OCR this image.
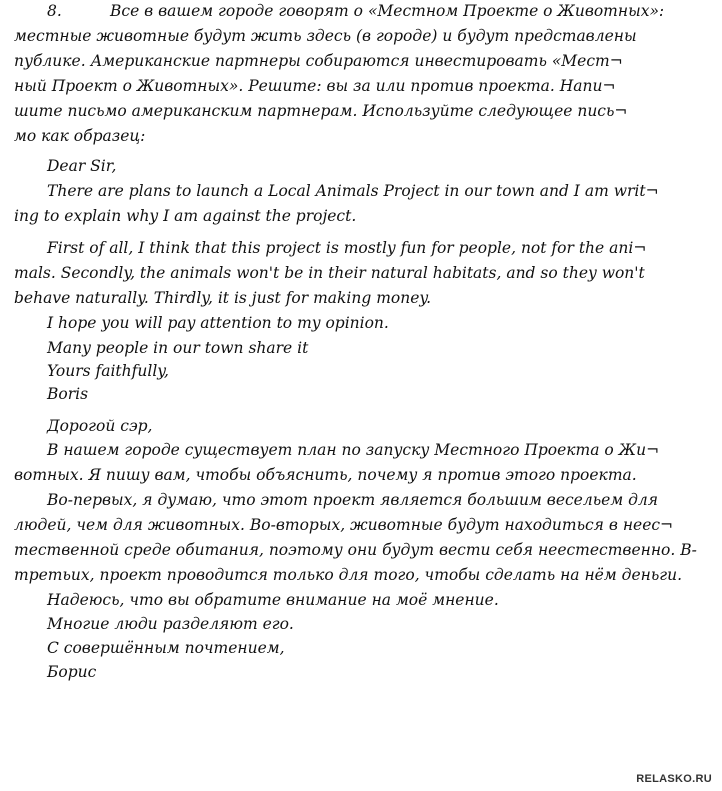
8.	Все в вашем городе говорят о «Местном Проекте о Животных»:
местные животные будут жить здесь (в городе) и будут представлены
публике. Американские партнеры собираются инвестировать «Мест¬
ный Проект о Животных». Решите: вы за или против проекта. Напи¬
шите письмо американским партнерам. Используйте следующее пись¬
мо как образец:
Dear Sir,
There are plans to launch a Local Animals Project in our town and I am writ¬
ing to explain why I am against the project.
First of all, I think that this project is mostly fun for people, not for the ani¬
mals. Secondly, the animals won't be in their natural habitats, and so they won't
behave naturally. Thirdly, it is just for making money.
I hope you will pay attention to my opinion.
Many people in our town share it
Yours faithfully,
Boris
Дорогой сэр,
В нашем городе существует план по запуску Местного Проекта о Жи¬
вотных. Я пишу вам, чтобы объяснить, почему я против этого проекта.
Во-первых, я думаю, что этот проект является большим весельем для
людей, чем для животных. Во-вторых, животные будут находиться в неес¬
тественной среде обитания, поэтому они будут вести себя неестественно. В-
третьих, проект проводится только для того, чтобы сделать на нём деньги.
Надеюсь, что вы обратите внимание на моё мнение.
Многие люди разделяют его.
С совершённым почтением,
Борис
RELASKO.RU
